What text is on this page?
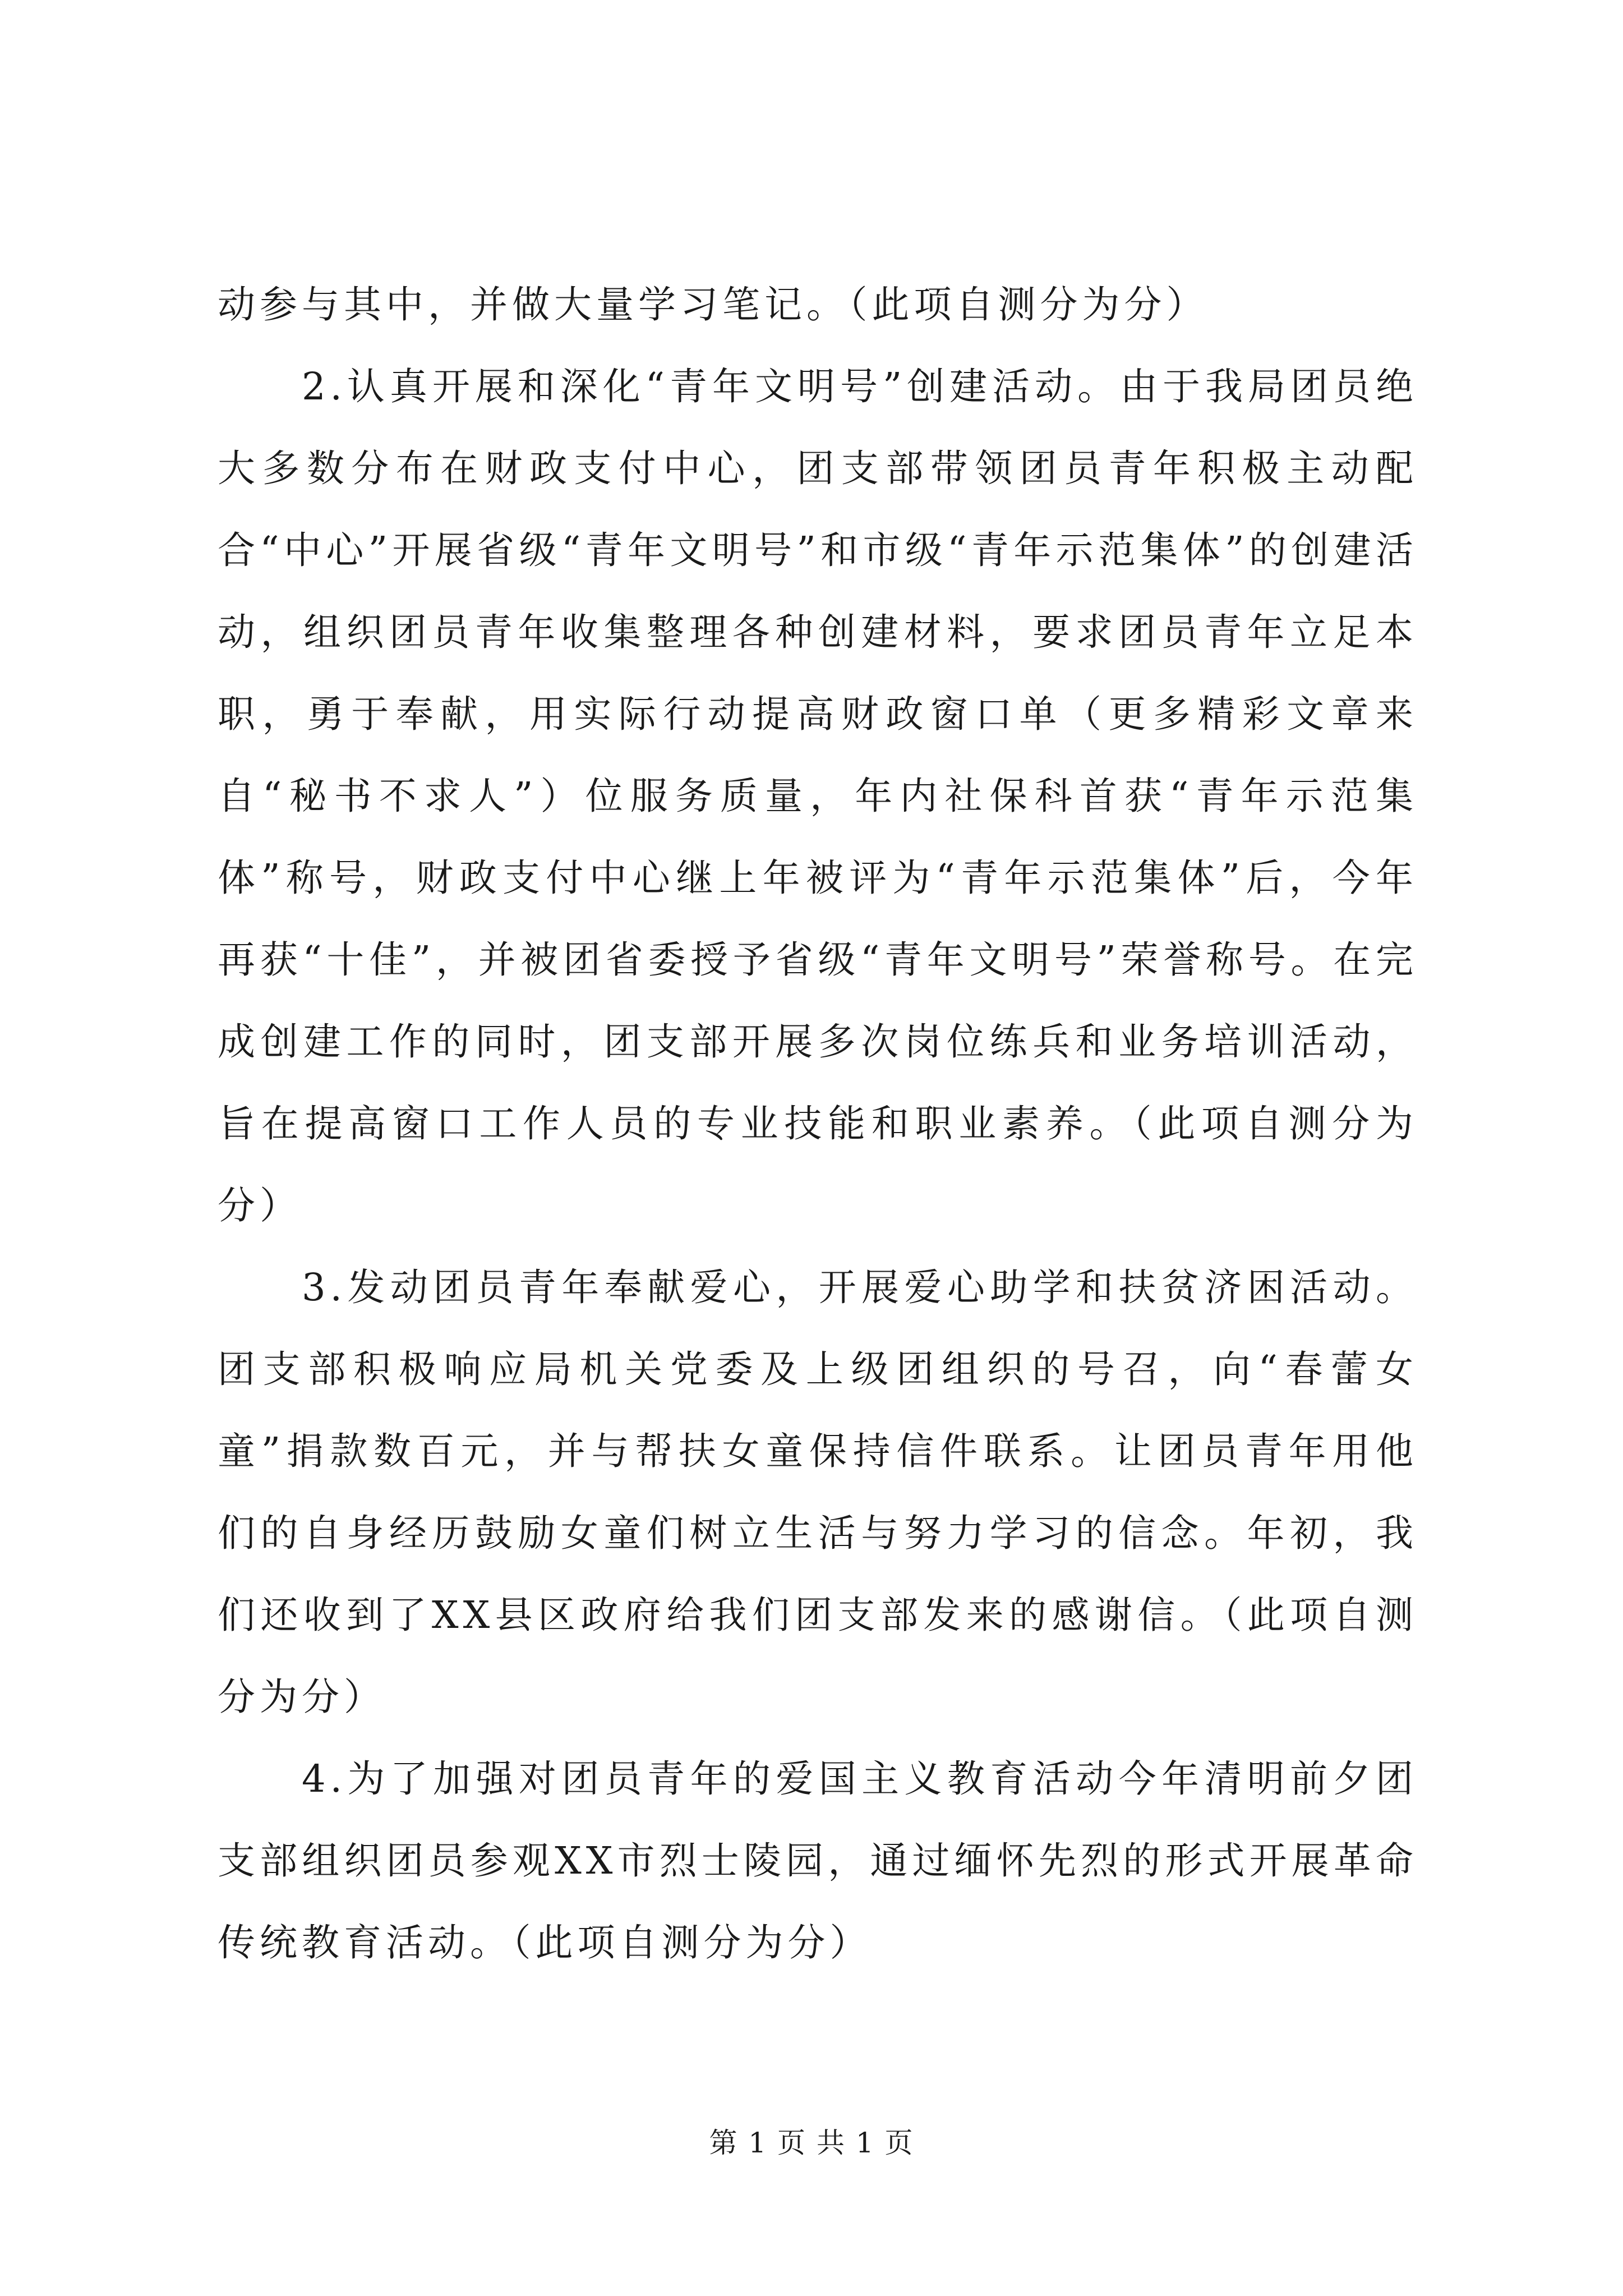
动参与其中，并做大量学习笔记。（此项自测分为分）

2.认真开展和深化“青年文明号”创建活动。由于我局团员绝大多数分布在财政支付中心，团支部带领团员青年积极主动配合“中心”开展省级“青年文明号”和市级“青年示范集体”的创建活动，组织团员青年收集整理各种创建材料，要求团员青年立足本职，勇于奉献，用实际行动提高财政窗口单（更多精彩文章来自“秘书不求人”）位服务质量，年内社保科首获“青年示范集体”称号，财政支付中心继上年被评为“青年示范集体”后，今年再获“十佳”，并被团省委授予省级“青年文明号”荣誉称号。在完成创建工作的同时，团支部开展多次岗位练兵和业务培训活动，旨在提高窗口工作人员的专业技能和职业素养。（此项自测分为分）

3.发动团员青年奉献爱心，开展爱心助学和扶贫济困活动。团支部积极响应局机关党委及上级团组织的号召，向“春蕾女童”捐款数百元，并与帮扶女童保持信件联系。让团员青年用他们的自身经历鼓励女童们树立生活与努力学习的信念。年初，我们还收到了XX县区政府给我们团支部发来的感谢信。（此项自测分为分）

4.为了加强对团员青年的爱国主义教育活动今年清明前夕团支部组织团员参观XX市烈士陵园，通过缅怀先烈的形式开展革命传统教育活动。（此项自测分为分）

第 1 页 共 1 页
